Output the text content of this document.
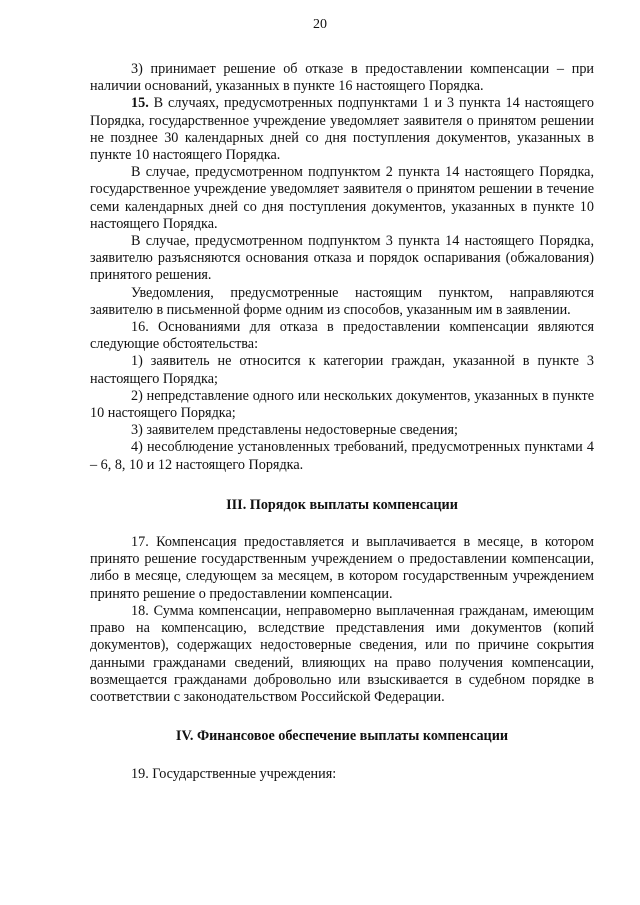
20

3) принимает решение об отказе в предоставлении компенсации – при наличии оснований, указанных в пункте 16 настоящего Порядка.

15. В случаях, предусмотренных подпунктами 1 и 3 пункта 14 настоящего Порядка, государственное учреждение уведомляет заявителя о принятом решении не позднее 30 календарных дней со дня поступления документов, указанных в пункте 10 настоящего Порядка.

В случае, предусмотренном подпунктом 2 пункта 14 настоящего Порядка, государственное учреждение уведомляет заявителя о принятом решении в течение семи календарных дней со дня поступления документов, указанных в пункте 10 настоящего Порядка.

В случае, предусмотренном подпунктом 3 пункта 14 настоящего Порядка, заявителю разъясняются основания отказа и порядок оспаривания (обжалования) принятого решения.

Уведомления, предусмотренные настоящим пунктом, направляются заявителю в письменной форме одним из способов, указанным им в заявлении.

16. Основаниями для отказа в предоставлении компенсации являются следующие обстоятельства:

1) заявитель не относится к категории граждан, указанной в пункте 3 настоящего Порядка;

2) непредставление одного или нескольких документов, указанных в пункте 10 настоящего Порядка;

3) заявителем представлены недостоверные сведения;

4) несоблюдение установленных требований, предусмотренных пунктами 4 – 6, 8, 10 и 12 настоящего Порядка.

III. Порядок выплаты компенсации

17. Компенсация предоставляется и выплачивается в месяце, в котором принято решение государственным учреждением о предоставлении компенсации, либо в месяце, следующем за месяцем, в котором государственным учреждением принято решение о предоставлении компенсации.

18. Сумма компенсации, неправомерно выплаченная гражданам, имеющим право на компенсацию, вследствие представления ими документов (копий документов), содержащих недостоверные сведения, или по причине сокрытия данными гражданами сведений, влияющих на право получения компенсации, возмещается гражданами добровольно или взыскивается в судебном порядке в соответствии с законодательством Российской Федерации.

IV. Финансовое обеспечение выплаты компенсации

19. Государственные учреждения:
